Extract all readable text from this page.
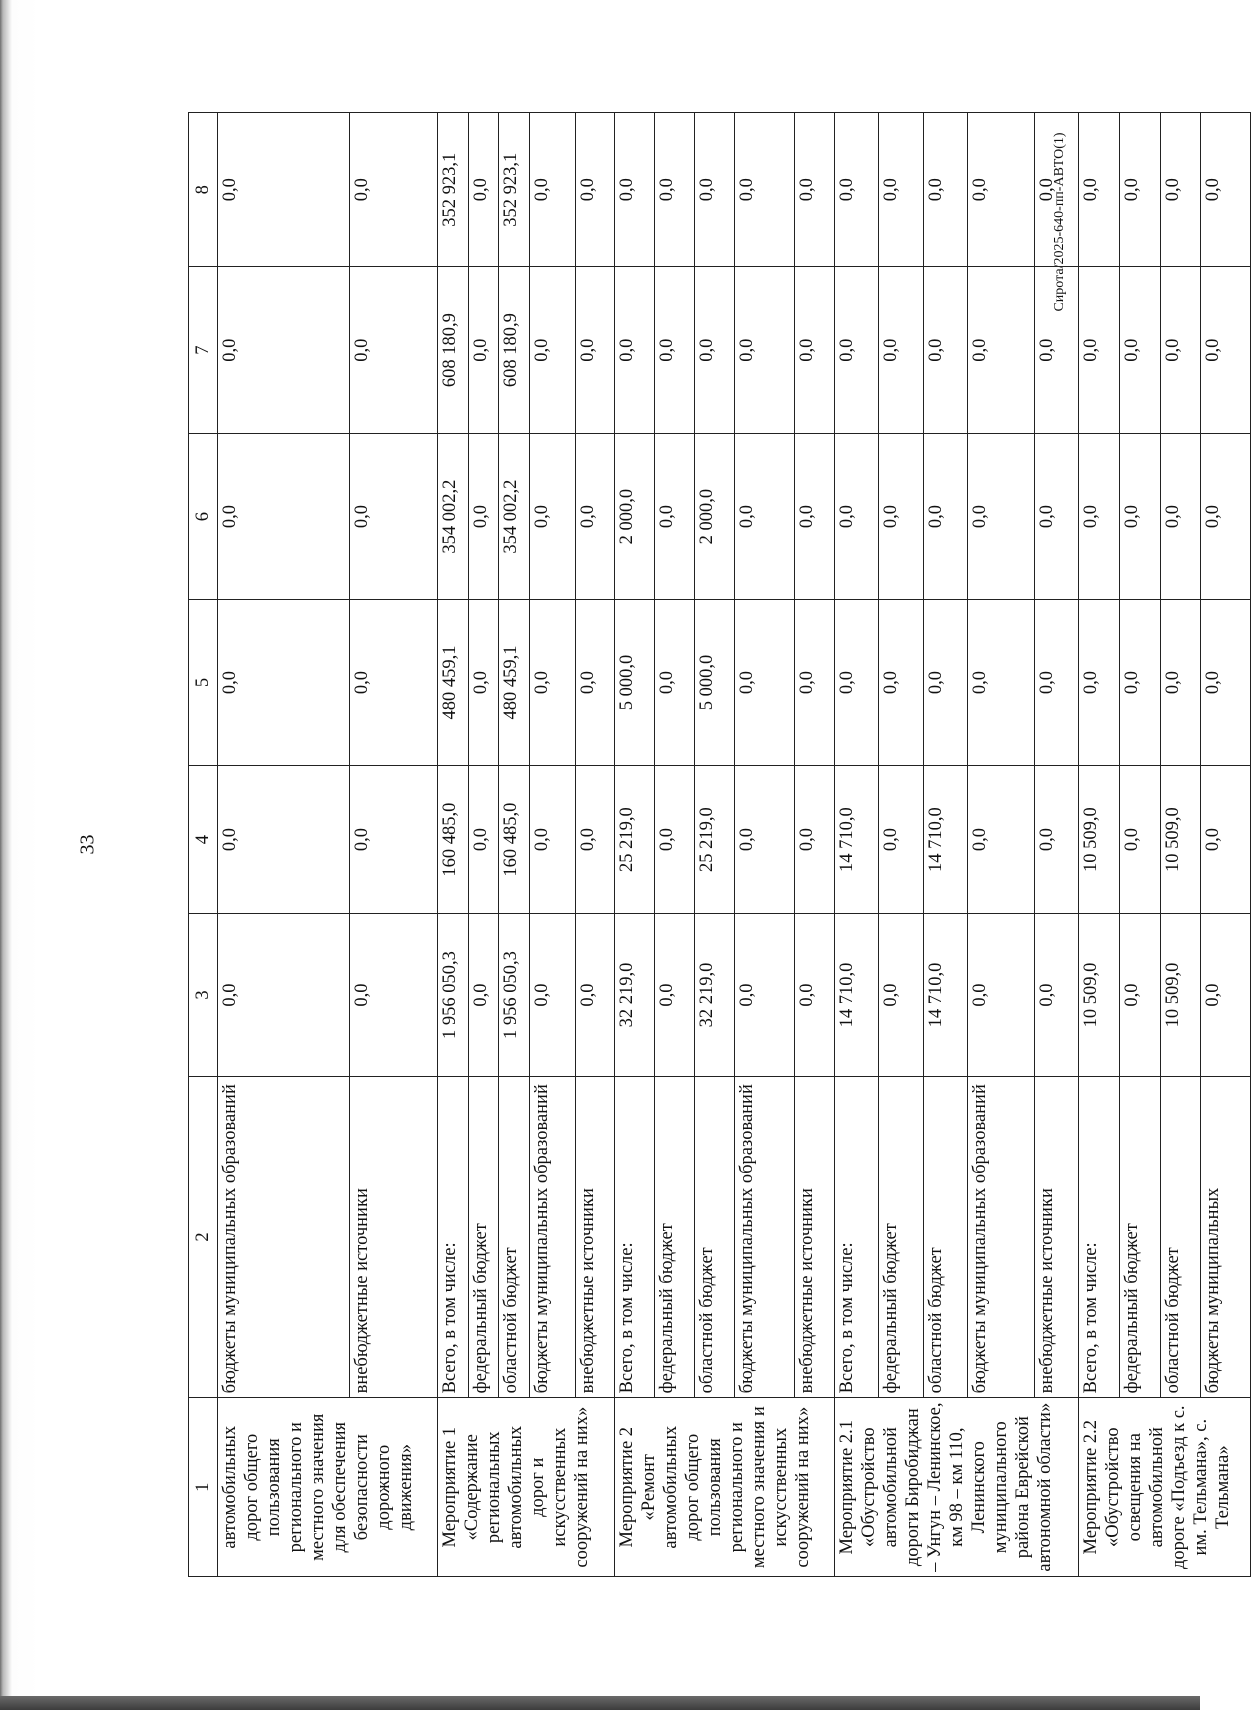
33
Сирота/2025-640-пп-АВТО(1)
1	2	3	4	5	6	7	8
автомобильных дорог общего пользования регионального и местного значения для обеспечения безопасности дорожного движения»	бюджеты муниципальных образований	0,0	0,0	0,0	0,0	0,0	0,0
	внебюджетные источники	0,0	0,0	0,0	0,0	0,0	0,0
Мероприятие 1 «Содержание региональных автомобильных дорог и искусственных сооружений на них»	Всего, в том числе:	1 956 050,3	160 485,0	480 459,1	354 002,2	608 180,9	352 923,1
	федеральный бюджет	0,0	0,0	0,0	0,0	0,0	0,0
	областной бюджет	1 956 050,3	160 485,0	480 459,1	354 002,2	608 180,9	352 923,1
	бюджеты муниципальных образований	0,0	0,0	0,0	0,0	0,0	0,0
	внебюджетные источники	0,0	0,0	0,0	0,0	0,0	0,0
Мероприятие 2 «Ремонт автомобильных дорог общего пользования регионального и местного значения и искусственных сооружений на них»	Всего, в том числе:	32 219,0	25 219,0	5 000,0	2 000,0	0,0	0,0
	федеральный бюджет	0,0	0,0	0,0	0,0	0,0	0,0
	областной бюджет	32 219,0	25 219,0	5 000,0	2 000,0	0,0	0,0
	бюджеты муниципальных образований	0,0	0,0	0,0	0,0	0,0	0,0
	внебюджетные источники	0,0	0,0	0,0	0,0	0,0	0,0
Мероприятие 2.1 «Обустройство автомобильной дороги Биробиджан – Унгун – Ленинское, км 98 – км 110, Ленинского муниципального района Еврейской автономной области»	Всего, в том числе:	14 710,0	14 710,0	0,0	0,0	0,0	0,0
	федеральный бюджет	0,0	0,0	0,0	0,0	0,0	0,0
	областной бюджет	14 710,0	14 710,0	0,0	0,0	0,0	0,0
	бюджеты муниципальных образований	0,0	0,0	0,0	0,0	0,0	0,0
	внебюджетные источники	0,0	0,0	0,0	0,0	0,0	0,0
Мероприятие 2.2 «Обустройство освещения на автомобильной дороге «Подъезд к с. им. Тельмана», с. Тельмана»	Всего, в том числе:	10 509,0	10 509,0	0,0	0,0	0,0	0,0
	федеральный бюджет	0,0	0,0	0,0	0,0	0,0	0,0
	областной бюджет	10 509,0	10 509,0	0,0	0,0	0,0	0,0
	бюджеты муниципальных	0,0	0,0	0,0	0,0	0,0	0,0
